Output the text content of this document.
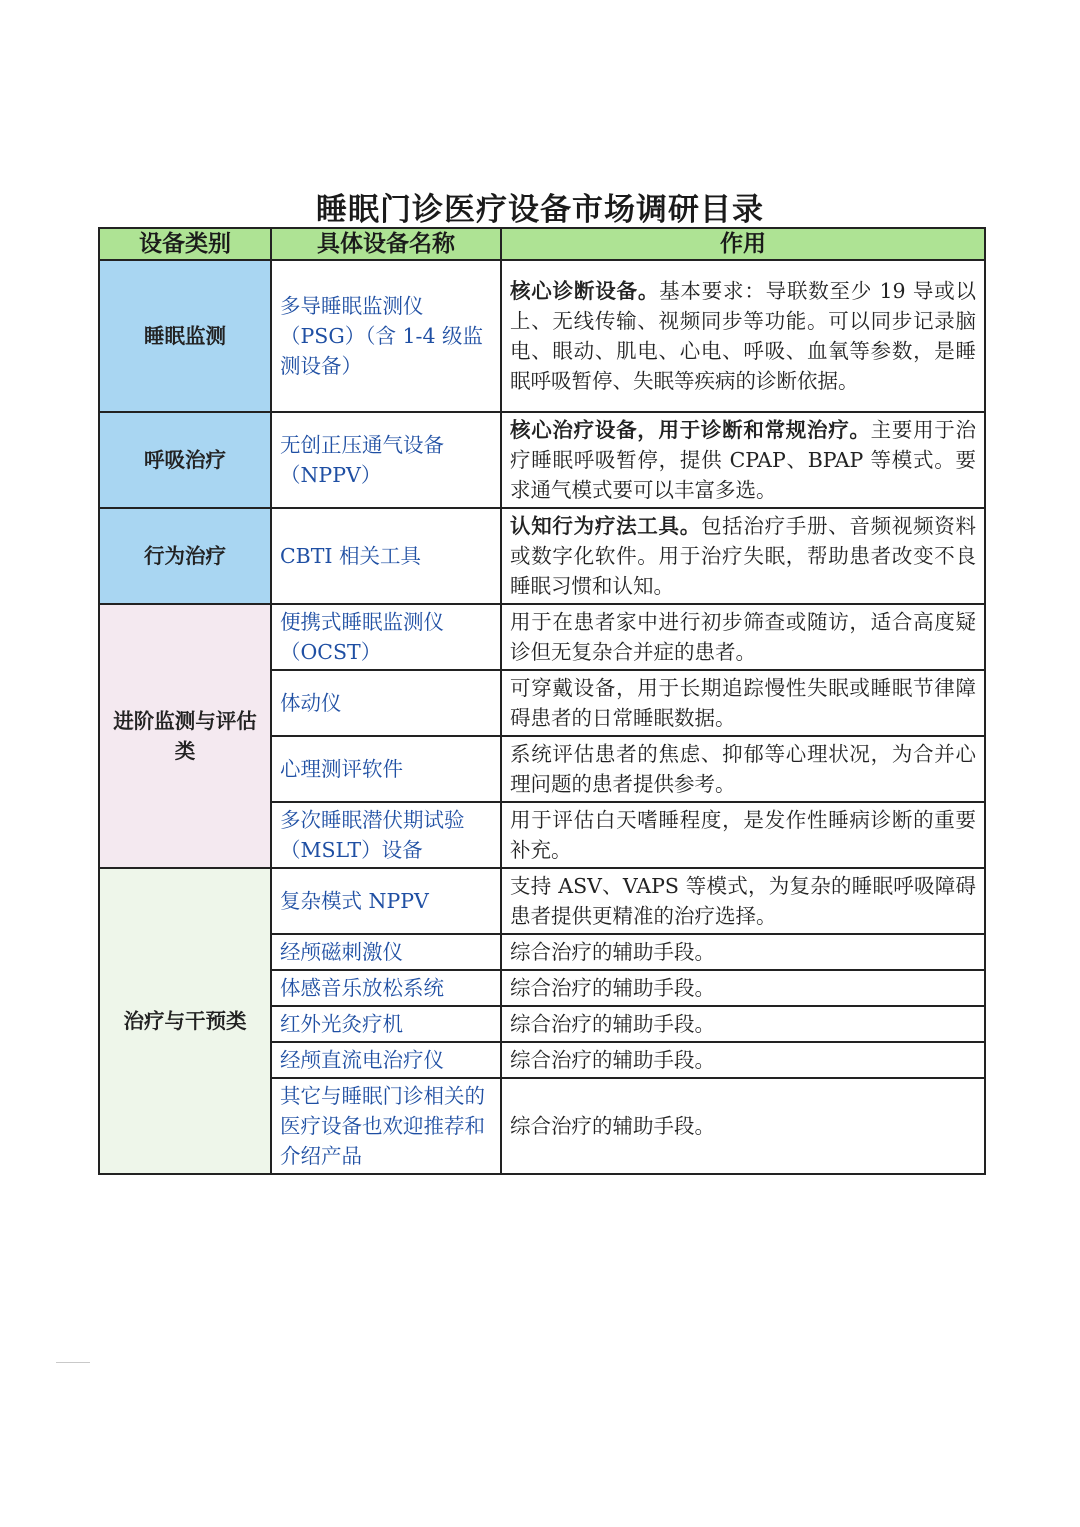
睡眠门诊医疗设备市场调研目录
设备类别	具体设备名称	作用
睡眠监测	多导睡眠监测仪（PSG）（含 1-4 级监测设备）	核心诊断设备。基本要求：导联数至少 19 导或以上、无线传输、视频同步等功能。可以同步记录脑电、眼动、肌电、心电、呼吸、血氧等参数，是睡眠呼吸暂停、失眠等疾病的诊断依据。
呼吸治疗	无创正压通气设备（NPPV）	核心治疗设备，用于诊断和常规治疗。主要用于治疗睡眠呼吸暂停，提供 CPAP、BPAP 等模式。要求通气模式要可以丰富多选。
行为治疗	CBTI 相关工具	认知行为疗法工具。包括治疗手册、音频视频资料或数字化软件。用于治疗失眠，帮助患者改变不良睡眠习惯和认知。
进阶监测与评估类	便携式睡眠监测仪（OCST）	用于在患者家中进行初步筛查或随访，适合高度疑诊但无复杂合并症的患者。
	体动仪	可穿戴设备，用于长期追踪慢性失眠或睡眠节律障碍患者的日常睡眠数据。
	心理测评软件	系统评估患者的焦虑、抑郁等心理状况，为合并心理问题的患者提供参考。
	多次睡眠潜伏期试验（MSLT）设备	用于评估白天嗜睡程度，是发作性睡病诊断的重要补充。
治疗与干预类	复杂模式 NPPV	支持 ASV、VAPS 等模式，为复杂的睡眠呼吸障碍患者提供更精准的治疗选择。
	经颅磁刺激仪	综合治疗的辅助手段。
	体感音乐放松系统	综合治疗的辅助手段。
	红外光灸疗机	综合治疗的辅助手段。
	经颅直流电治疗仪	综合治疗的辅助手段。
	其它与睡眠门诊相关的医疗设备也欢迎推荐和介绍产品	综合治疗的辅助手段。
